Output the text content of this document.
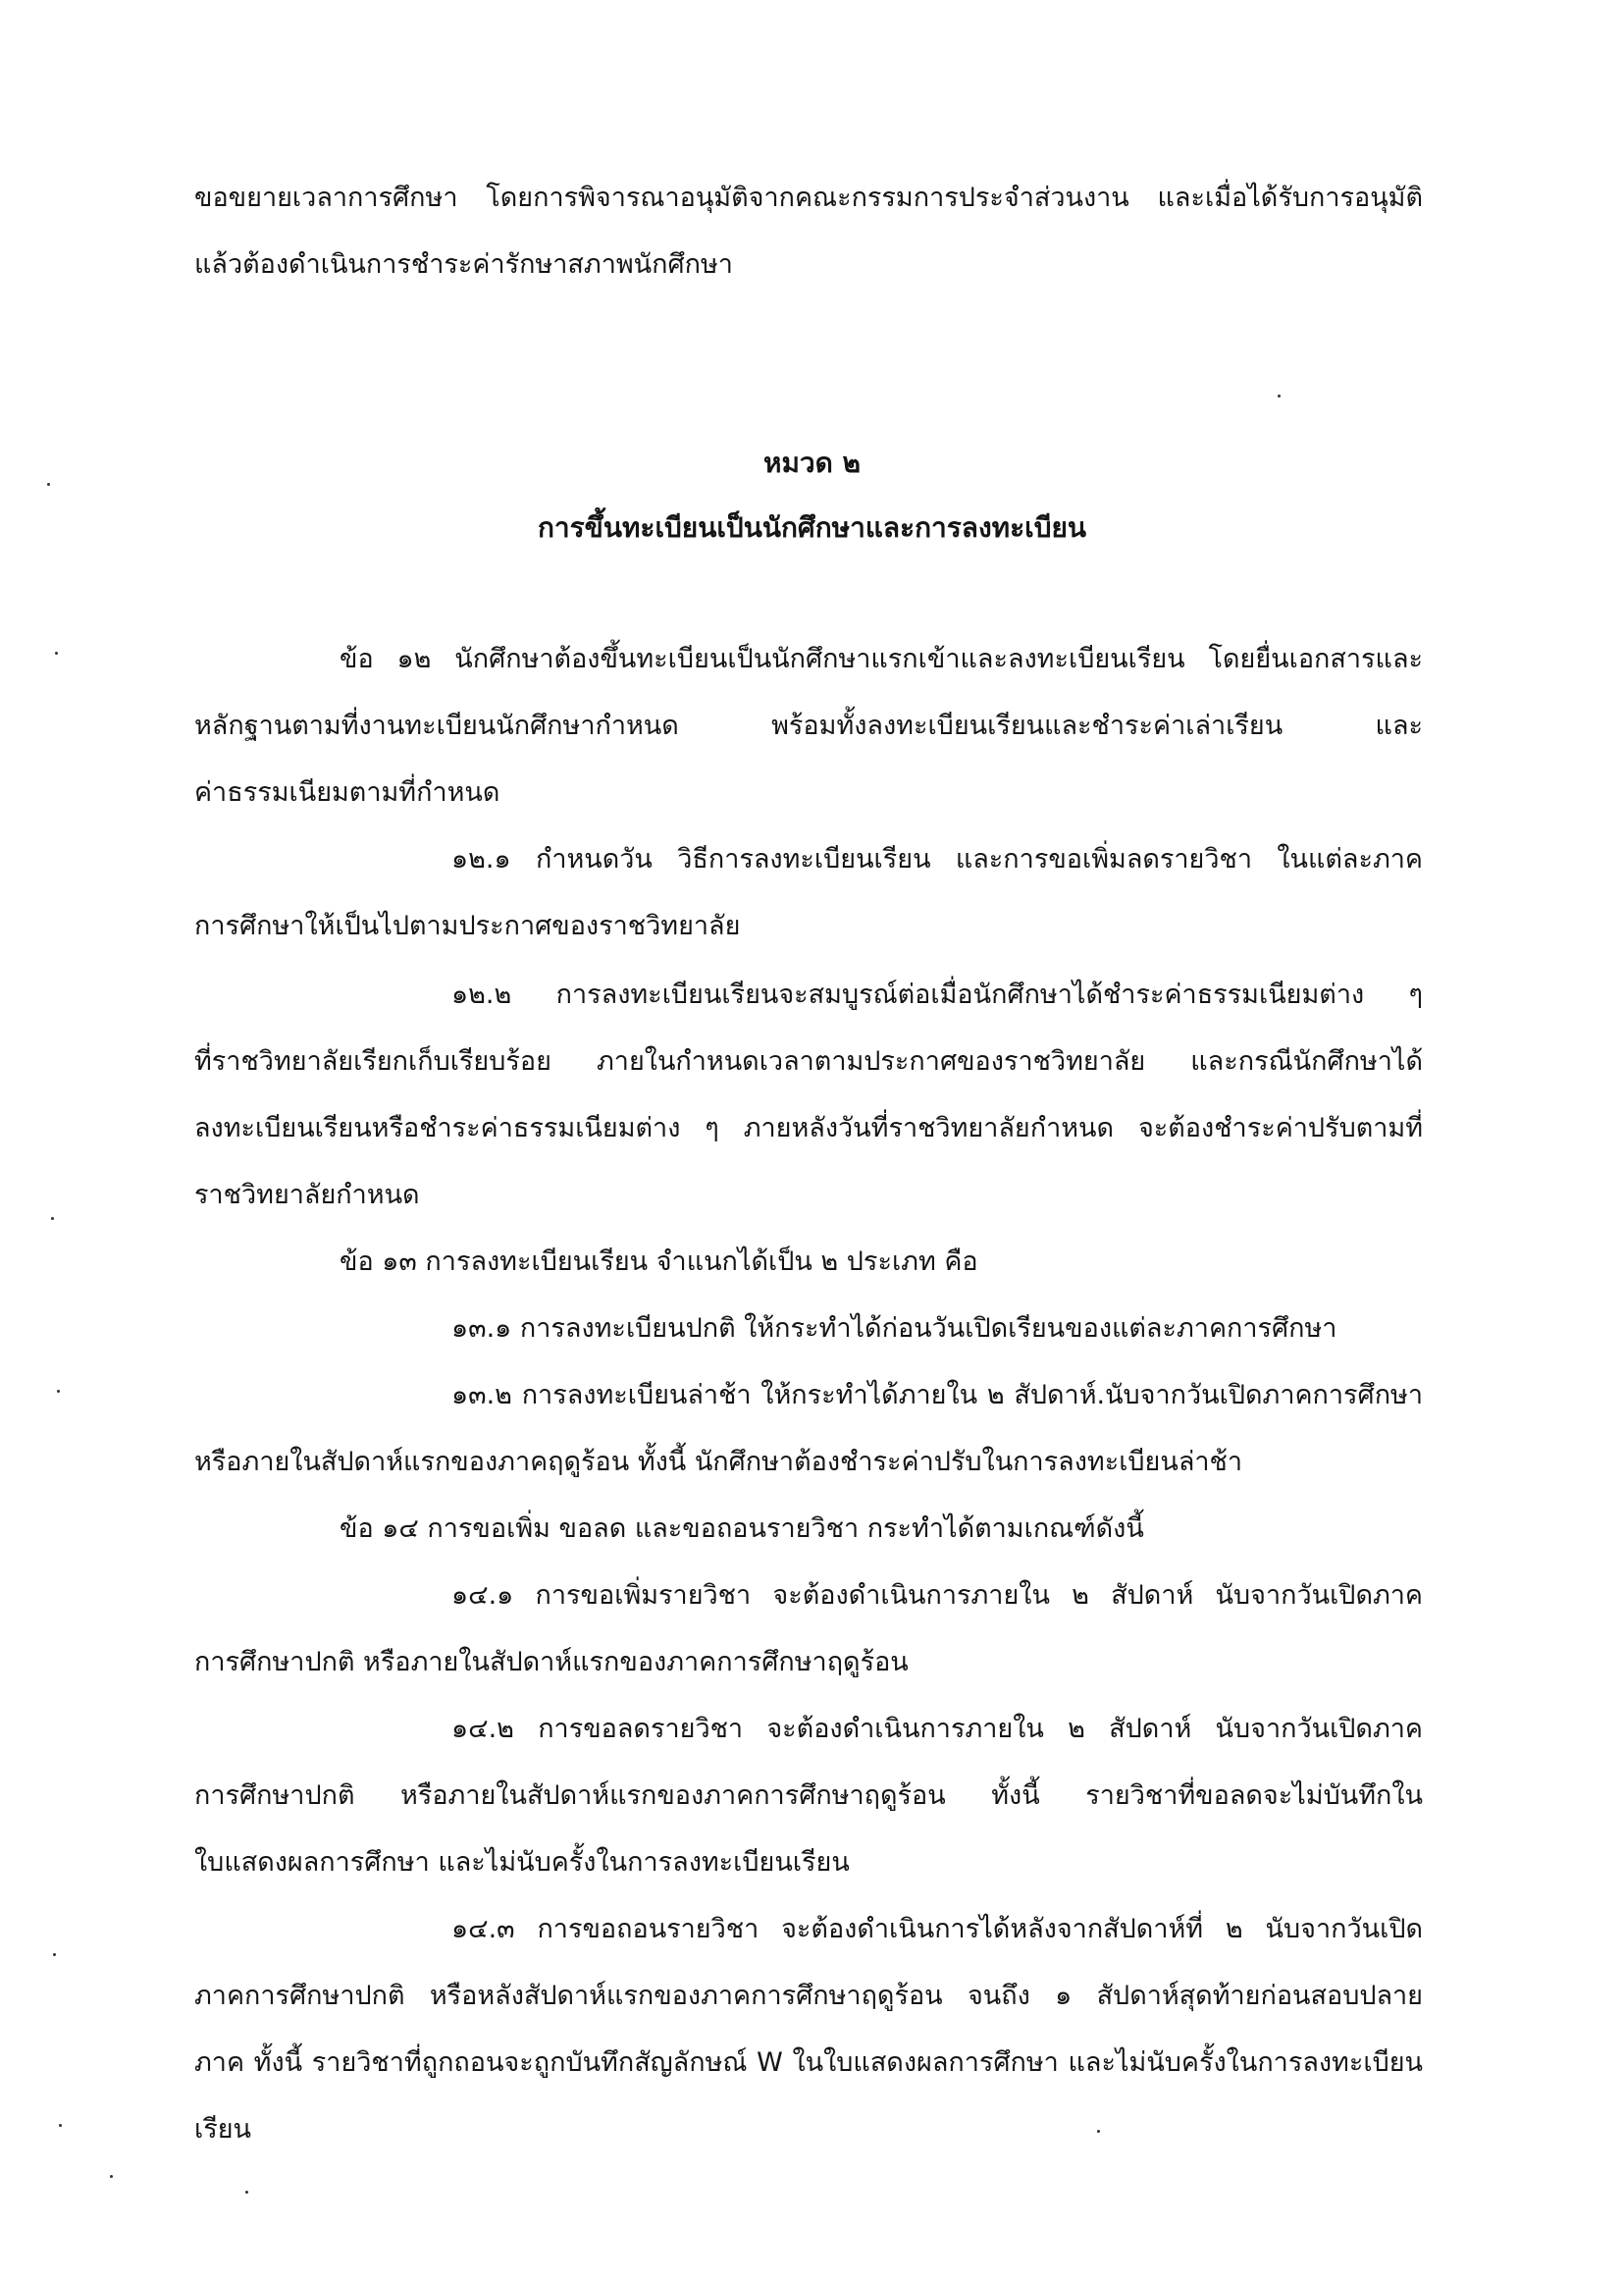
ขอขยายเวลาการศึกษา โดยการพิจารณาอนุมัติจากคณะกรรมการประจำส่วนงาน และเมื่อได้รับการอนุมัติ
แล้วต้องดำเนินการชำระค่ารักษาสภาพนักศึกษา
หมวด ๒
การขึ้นทะเบียนเป็นนักศึกษาและการลงทะเบียน
ข้อ ๑๒ นักศึกษาต้องขึ้นทะเบียนเป็นนักศึกษาแรกเข้าและลงทะเบียนเรียน โดยยื่นเอกสารและ
หลักฐานตามที่งานทะเบียนนักศึกษากำหนด พร้อมทั้งลงทะเบียนเรียนและชำระค่าเล่าเรียน และ
ค่าธรรมเนียมตามที่กำหนด
๑๒.๑ กำหนดวัน วิธีการลงทะเบียนเรียน และการขอเพิ่มลดรายวิชา ในแต่ละภาค
การศึกษาให้เป็นไปตามประกาศของราชวิทยาลัย
๑๒.๒ การลงทะเบียนเรียนจะสมบูรณ์ต่อเมื่อนักศึกษาได้ชำระค่าธรรมเนียมต่าง ๆ
ที่ราชวิทยาลัยเรียกเก็บเรียบร้อย ภายในกำหนดเวลาตามประกาศของราชวิทยาลัย และกรณีนักศึกษาได้
ลงทะเบียนเรียนหรือชำระค่าธรรมเนียมต่าง ๆ ภายหลังวันที่ราชวิทยาลัยกำหนด จะต้องชำระค่าปรับตามที่
ราชวิทยาลัยกำหนด
ข้อ ๑๓ การลงทะเบียนเรียน จำแนกได้เป็น ๒ ประเภท คือ
๑๓.๑ การลงทะเบียนปกติ ให้กระทำได้ก่อนวันเปิดเรียนของแต่ละภาคการศึกษา
๑๓.๒ การลงทะเบียนล่าช้า ให้กระทำได้ภายใน ๒ สัปดาห์.นับจากวันเปิดภาคการศึกษา
หรือภายในสัปดาห์แรกของภาคฤดูร้อน ทั้งนี้ นักศึกษาต้องชำระค่าปรับในการลงทะเบียนล่าช้า
ข้อ ๑๔ การขอเพิ่ม ขอลด และขอถอนรายวิชา กระทำได้ตามเกณฑ์ดังนี้
๑๔.๑ การขอเพิ่มรายวิชา จะต้องดำเนินการภายใน ๒ สัปดาห์ นับจากวันเปิดภาค
การศึกษาปกติ หรือภายในสัปดาห์แรกของภาคการศึกษาฤดูร้อน
๑๔.๒ การขอลดรายวิชา จะต้องดำเนินการภายใน ๒ สัปดาห์ นับจากวันเปิดภาค
การศึกษาปกติ หรือภายในสัปดาห์แรกของภาคการศึกษาฤดูร้อน ทั้งนี้ รายวิชาที่ขอลดจะไม่บันทึกใน
ใบแสดงผลการศึกษา และไม่นับครั้งในการลงทะเบียนเรียน
๑๔.๓ การขอถอนรายวิชา จะต้องดำเนินการได้หลังจากสัปดาห์ที่ ๒ นับจากวันเปิด
ภาคการศึกษาปกติ หรือหลังสัปดาห์แรกของภาคการศึกษาฤดูร้อน จนถึง ๑ สัปดาห์สุดท้ายก่อนสอบปลาย
ภาค ทั้งนี้ รายวิชาที่ถูกถอนจะถูกบันทึกสัญลักษณ์ W ในใบแสดงผลการศึกษา และไม่นับครั้งในการลงทะเบียน
เรียน
